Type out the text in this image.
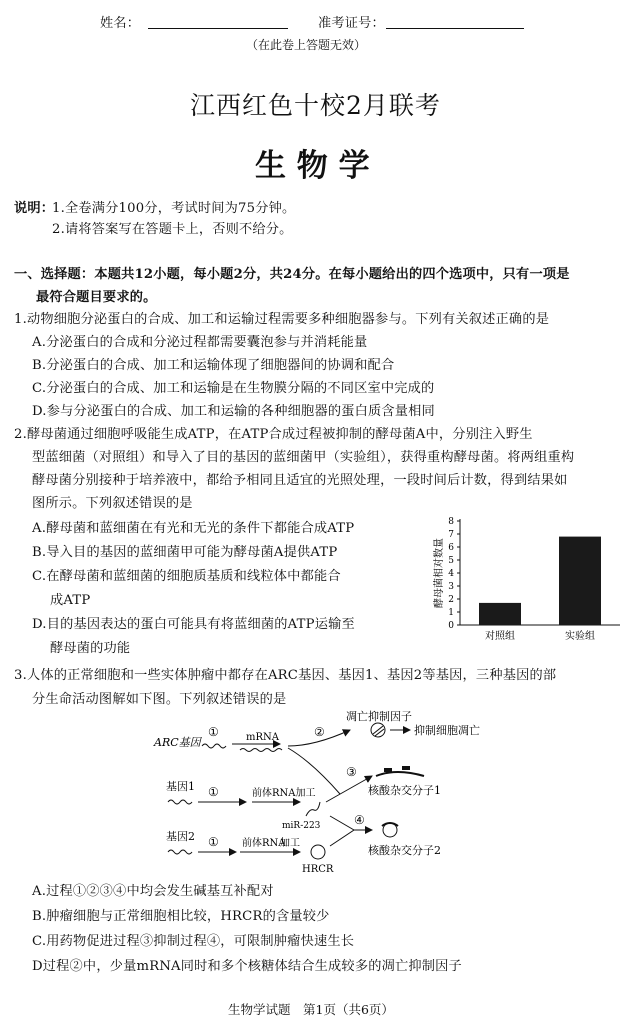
姓名：	准考证号：
（在此卷上答题无效）
江西红色十校2月联考
生 物 学
说明：
1.全卷满分100分，考试时间为75分钟。
2.请将答案写在答题卡上，否则不给分。
一、选择题：本题共12小题，每小题2分，共24分。在每小题给出的四个选项中，只有一项是
最符合题目要求的。
1.动物细胞分泌蛋白的合成、加工和运输过程需要多种细胞器参与。下列有关叙述正确的是
A.分泌蛋白的合成和分泌过程都需要囊泡参与并消耗能量
B.分泌蛋白的合成、加工和运输体现了细胞器间的协调和配合
C.分泌蛋白的合成、加工和运输是在生物膜分隔的不同区室中完成的
D.参与分泌蛋白的合成、加工和运输的各种细胞器的蛋白质含量相同
2.酵母菌通过细胞呼吸能生成ATP，在ATP合成过程被抑制的酵母菌A中，分别注入野生
型蓝细菌（对照组）和导入了目的基因的蓝细菌甲（实验组），获得重构酵母菌。将两组重构
酵母菌分别接种于培养液中，都给予相同且适宜的光照处理，一段时间后计数，得到结果如
图所示。下列叙述错误的是
A.酵母菌和蓝细菌在有光和无光的条件下都能合成ATP
B.导入目的基因的蓝细菌甲可能为酵母菌A提供ATP
C.在酵母菌和蓝细菌的细胞质基质和线粒体中都能合
成ATP
D.目的基因表达的蛋白可能具有将蓝细菌的ATP运输至
酵母菌的功能
0
1
2
3
4
5
6
7
8
酵母菌相对数量
对照组	实验组
3.人体的正常细胞和一些实体肿瘤中都存在ARC基因、基因1、基因2等基因，三种基因的部
分生命活动图解如下图。下列叙述错误的是
ARC基因
①	mRNA	②
凋亡抑制因子
抑制细胞凋亡
基因1 ①	前体RNA加工
miR-223
③
核酸杂交分子1
基因2 ① 前体RNA
加工
HRCR
④
核酸杂交分子2
A.过程①②③④中均会发生碱基互补配对
B.肿瘤细胞与正常细胞相比较，HRCR的含量较少
C.用药物促进过程③抑制过程④，可限制肿瘤快速生长
D过程②中，少量mRNA同时和多个核糖体结合生成较多的凋亡抑制因子
生物学试题　第1页（共6页）
